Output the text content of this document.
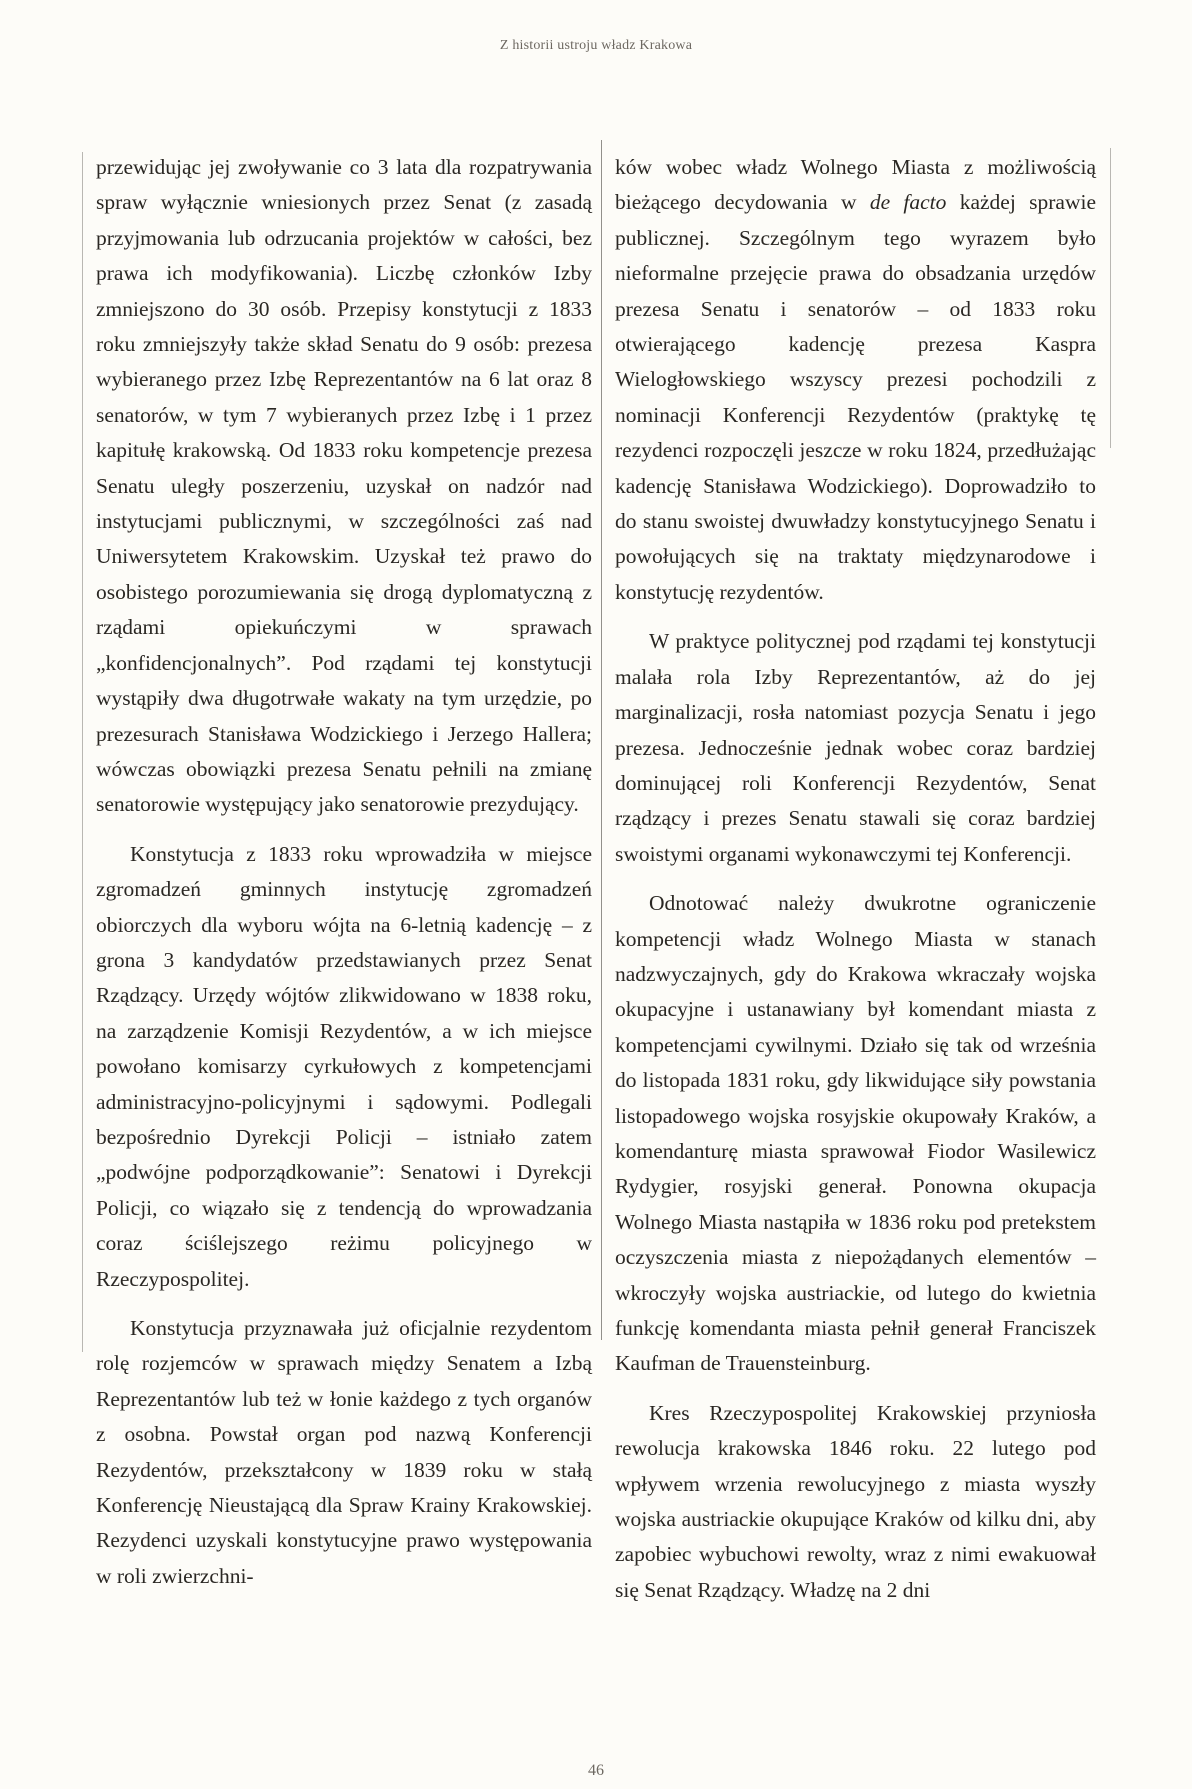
Z historii ustroju władz Krakowa

przewidując jej zwoływanie co 3 lata dla rozpatrywania spraw wyłącznie wniesionych przez Senat (z zasadą przyjmowania lub odrzucania projektów w całości, bez prawa ich modyfikowania). Liczbę członków Izby zmniejszono do 30 osób. Przepisy konstytucji z 1833 roku zmniejszyły także skład Senatu do 9 osób: prezesa wybieranego przez Izbę Reprezentantów na 6 lat oraz 8 senatorów, w tym 7 wybieranych przez Izbę i 1 przez kapitułę krakowską. Od 1833 roku kompetencje prezesa Senatu uległy poszerzeniu, uzyskał on nadzór nad instytucjami publicznymi, w szczególności zaś nad Uniwersytetem Krakowskim. Uzyskał też prawo do osobistego porozumiewania się drogą dyplomatyczną z rządami opiekuńczymi w sprawach „konfidencjonalnych”. Pod rządami tej konstytucji wystąpiły dwa długotrwałe wakaty na tym urzędzie, po prezesurach Stanisława Wodzickiego i Jerzego Hallera; wówczas obowiązki prezesa Senatu pełnili na zmianę senatorowie występujący jako senatorowie prezydujący.

Konstytucja z 1833 roku wprowadziła w miejsce zgromadzeń gminnych instytucję zgromadzeń obiorczych dla wyboru wójta na 6-letnią kadencję – z grona 3 kandydatów przedstawianych przez Senat Rządzący. Urzędy wójtów zlikwidowano w 1838 roku, na zarządzenie Komisji Rezydentów, a w ich miejsce powołano komisarzy cyrkułowych z kompetencjami administracyjno-policyjnymi i sądowymi. Podlegali bezpośrednio Dyrekcji Policji – istniało zatem „podwójne podporządkowanie”: Senatowi i Dyrekcji Policji, co wiązało się z tendencją do wprowadzania coraz ściślejszego reżimu policyjnego w Rzeczypospolitej.

Konstytucja przyznawała już oficjalnie rezydentom rolę rozjemców w sprawach między Senatem a Izbą Reprezentantów lub też w łonie każdego z tych organów z osobna. Powstał organ pod nazwą Konferencji Rezydentów, przekształcony w 1839 roku w stałą Konferencję Nieustającą dla Spraw Krainy Krakowskiej. Rezydenci uzyskali konstytucyjne prawo występowania w roli zwierzchni-

ków wobec władz Wolnego Miasta z możliwością bieżącego decydowania w de facto każdej sprawie publicznej. Szczególnym tego wyrazem było nieformalne przejęcie prawa do obsadzania urzędów prezesa Senatu i senatorów – od 1833 roku otwierającego kadencję prezesa Kaspra Wielogłowskiego wszyscy prezesi pochodzili z nominacji Konferencji Rezydentów (praktykę tę rezydenci rozpoczęli jeszcze w roku 1824, przedłużając kadencję Stanisława Wodzickiego). Doprowadziło to do stanu swoistej dwuwładzy konstytucyjnego Senatu i powołujących się na traktaty międzynarodowe i konstytucję rezydentów.

W praktyce politycznej pod rządami tej konstytucji malała rola Izby Reprezentantów, aż do jej marginalizacji, rosła natomiast pozycja Senatu i jego prezesa. Jednocześnie jednak wobec coraz bardziej dominującej roli Konferencji Rezydentów, Senat rządzący i prezes Senatu stawali się coraz bardziej swoistymi organami wykonawczymi tej Konferencji.

Odnotować należy dwukrotne ograniczenie kompetencji władz Wolnego Miasta w stanach nadzwyczajnych, gdy do Krakowa wkraczały wojska okupacyjne i ustanawiany był komendant miasta z kompetencjami cywilnymi. Działo się tak od września do listopada 1831 roku, gdy likwidujące siły powstania listopadowego wojska rosyjskie okupowały Kraków, a komendanturę miasta sprawował Fiodor Wasilewicz Rydygier, rosyjski generał. Ponowna okupacja Wolnego Miasta nastąpiła w 1836 roku pod pretekstem oczyszczenia miasta z niepożądanych elementów – wkroczyły wojska austriackie, od lutego do kwietnia funkcję komendanta miasta pełnił generał Franciszek Kaufman de Trauensteinburg.

Kres Rzeczypospolitej Krakowskiej przyniosła rewolucja krakowska 1846 roku. 22 lutego pod wpływem wrzenia rewolucyjnego z miasta wyszły wojska austriackie okupujące Kraków od kilku dni, aby zapobiec wybuchowi rewolty, wraz z nimi ewakuował się Senat Rządzący. Władzę na 2 dni

46
